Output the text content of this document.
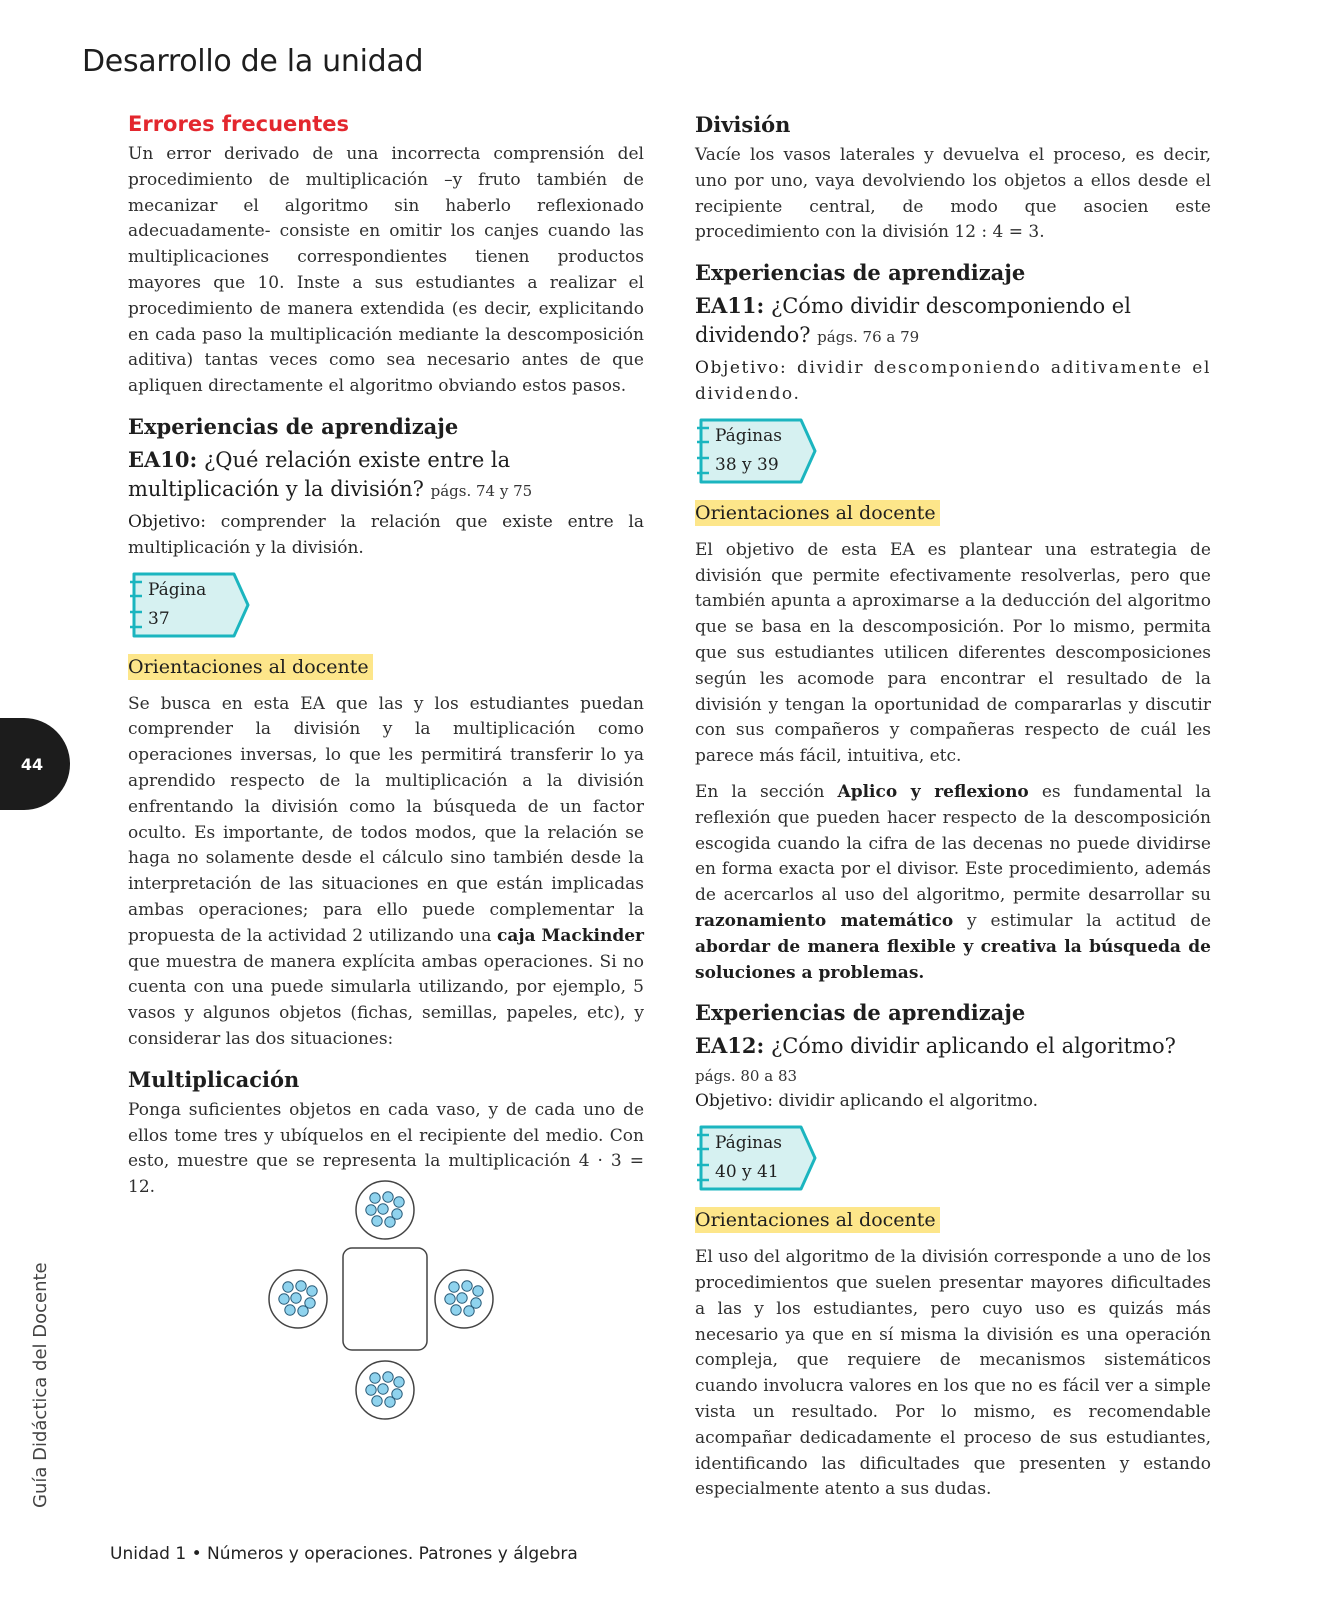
Desarrollo de la unidad
44
Guía Didáctica del Docente
Errores frecuentes

Un error derivado de una incorrecta comprensión del procedimiento de multiplicación –y fruto también de mecanizar el algoritmo sin haberlo reflexionado adecuadamente- consiste en omitir los canjes cuando las multiplicaciones correspondientes tienen productos mayores que 10. Inste a sus estudiantes a realizar el procedimiento de manera extendida (es decir, explicitando en cada paso la multiplicación mediante la descomposición aditiva) tantas veces como sea necesario antes de que apliquen directamente el algoritmo obviando estos pasos.

Experiencias de aprendizaje
EA10: ¿Qué relación existe entre la multiplicación y la división? págs. 74 y 75

Objetivo: comprender la relación que existe entre la multiplicación y la división.

Página
37
Orientaciones al docente

Se busca en esta EA que las y los estudiantes puedan comprender la división y la multiplicación como operaciones inversas, lo que les permitirá transferir lo ya aprendido respecto de la multiplicación a la división enfrentando la división como la búsqueda de un factor oculto. Es importante, de todos modos, que la relación se haga no solamente desde el cálculo sino también desde la interpretación de las situaciones en que están implicadas ambas operaciones; para ello puede complementar la propuesta de la actividad 2 utilizando una caja Mackinder que muestra de manera explícita ambas operaciones. Si no cuenta con una puede simularla utilizando, por ejemplo, 5 vasos y algunos objetos (fichas, semillas, papeles, etc), y considerar las dos situaciones:

Multiplicación

Ponga suficientes objetos en cada vaso, y de cada uno de ellos tome tres y ubíquelos en el recipiente del medio. Con esto, muestre que se representa la multiplicación 4 · 3 = 12.

División

Vacíe los vasos laterales y devuelva el proceso, es decir, uno por uno, vaya devolviendo los objetos a ellos desde el recipiente central, de modo que asocien este procedimiento con la división 12 : 4 = 3.

Experiencias de aprendizaje
EA11: ¿Cómo dividir descomponiendo el dividendo? págs. 76 a 79

Objetivo: dividir descomponiendo aditivamente el dividendo.

Páginas
38 y 39
Orientaciones al docente

El objetivo de esta EA es plantear una estrategia de división que permite efectivamente resolverlas, pero que también apunta a aproximarse a la deducción del algoritmo que se basa en la descomposición. Por lo mismo, permita que sus estudiantes utilicen diferentes descomposiciones según les acomode para encontrar el resultado de la división y tengan la oportunidad de compararlas y discutir con sus compañeros y compañeras respecto de cuál les parece más fácil, intuitiva, etc.

En la sección Aplico y reflexiono es fundamental la reflexión que pueden hacer respecto de la descomposición escogida cuando la cifra de las decenas no puede dividirse en forma exacta por el divisor. Este procedimiento, además de acercarlos al uso del algoritmo, permite desarrollar su razonamiento matemático y estimular la actitud de abordar de manera flexible y creativa la búsqueda de soluciones a problemas.

Experiencias de aprendizaje
EA12: ¿Cómo dividir aplicando el algoritmo?
págs. 80 a 83

Objetivo: dividir aplicando el algoritmo.

Páginas
40 y 41
Orientaciones al docente

El uso del algoritmo de la división corresponde a uno de los procedimientos que suelen presentar mayores dificultades a las y los estudiantes, pero cuyo uso es quizás más necesario ya que en sí misma la división es una operación compleja, que requiere de mecanismos sistemáticos cuando involucra valores en los que no es fácil ver a simple vista un resultado. Por lo mismo, es recomendable acompañar dedicadamente el proceso de sus estudiantes, identificando las dificultades que presenten y estando especialmente atento a sus dudas.

Unidad 1 • Números y operaciones. Patrones y álgebra
